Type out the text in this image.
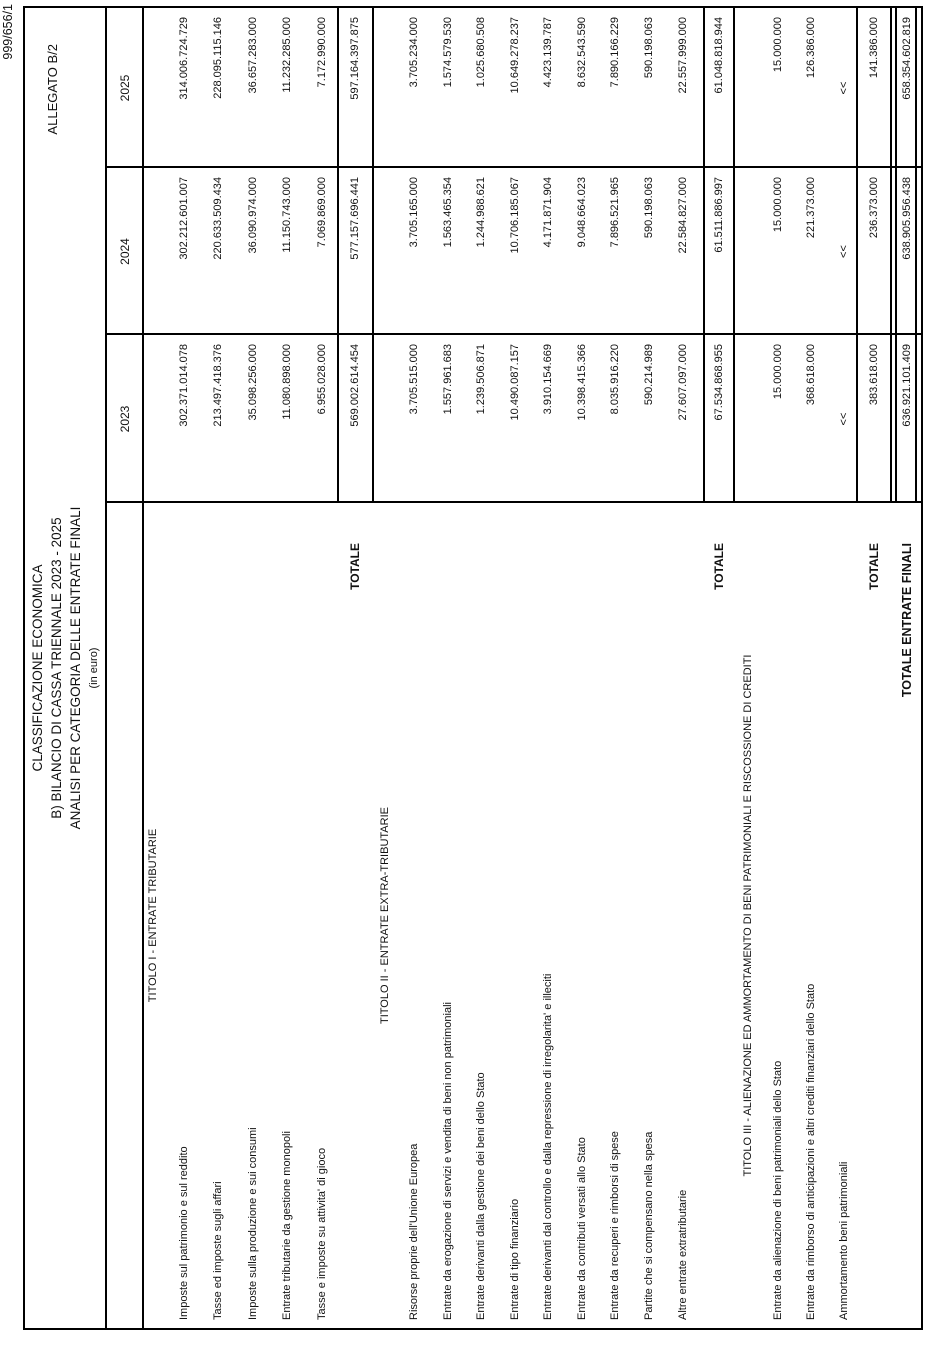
999/656/1
CLASSIFICAZIONE ECONOMICA B) BILANCIO DI CASSA TRIENNALE 2023 - 2025 ANALISI PER CATEGORIA DELLE ENTRATE FINALI (in euro)
ALLEGATO B/2
2023
2024
2025
TITOLO I - ENTRATE TRIBUTARIE
Imposte sul patrimonio e sul reddito
302.371.014.078
302.212.601.007
314.006.724.729
Tasse ed imposte sugli affari
213.497.418.376
220.633.509.434
228.095.115.146
Imposte sulla produzione e sui consumi
35.098.256.000
36.090.974.000
36.657.283.000
Entrate tributarie da gestione monopoli
11.080.898.000
11.150.743.000
11.232.285.000
Tasse e imposte su attivita' di gioco
6.955.028.000
7.069.869.000
7.172.990.000
TOTALE
569.002.614.454
577.157.696.441
597.164.397.875
TITOLO II - ENTRATE EXTRA-TRIBUTARIE
Risorse proprie dell'Unione Europea
3.705.515.000
3.705.165.000
3.705.234.000
Entrate da erogazione di servizi e vendita di beni non patrimoniali
1.557.961.683
1.563.465.354
1.574.579.530
Entrate derivanti dalla gestione dei beni dello Stato
1.239.506.871
1.244.988.621
1.025.680.508
Entrate di tipo finanziario
10.490.087.157
10.706.185.067
10.649.278.237
Entrate derivanti dal controllo e dalla repressione di irregolarita' e illeciti
3.910.154.669
4.171.871.904
4.423.139.787
Entrate da contributi versati allo Stato
10.398.415.366
9.048.664.023
8.632.543.590
Entrate da recuperi e rimborsi di spese
8.035.916.220
7.896.521.965
7.890.166.229
Partite che si compensano nella spesa
590.214.989
590.198.063
590.198.063
Altre entrate extratributarie
27.607.097.000
22.584.827.000
22.557.999.000
TOTALE
67.534.868.955
61.511.886.997
61.048.818.944
TITOLO III - ALIENAZIONE ED AMMORTAMENTO DI BENI PATRIMONIALI E RISCOSSIONE DI CREDITI
Entrate da alienazione di beni patrimoniali dello Stato
15.000.000
15.000.000
15.000.000
Entrate da rimborso di anticipazioni e altri crediti finanziari dello Stato
368.618.000
221.373.000
126.386.000
Ammortamento beni patrimoniali
<<
<<
<<
TOTALE
383.618.000
236.373.000
141.386.000
TOTALE ENTRATE FINALI
636.921.101.409
638.905.956.438
658.354.602.819
